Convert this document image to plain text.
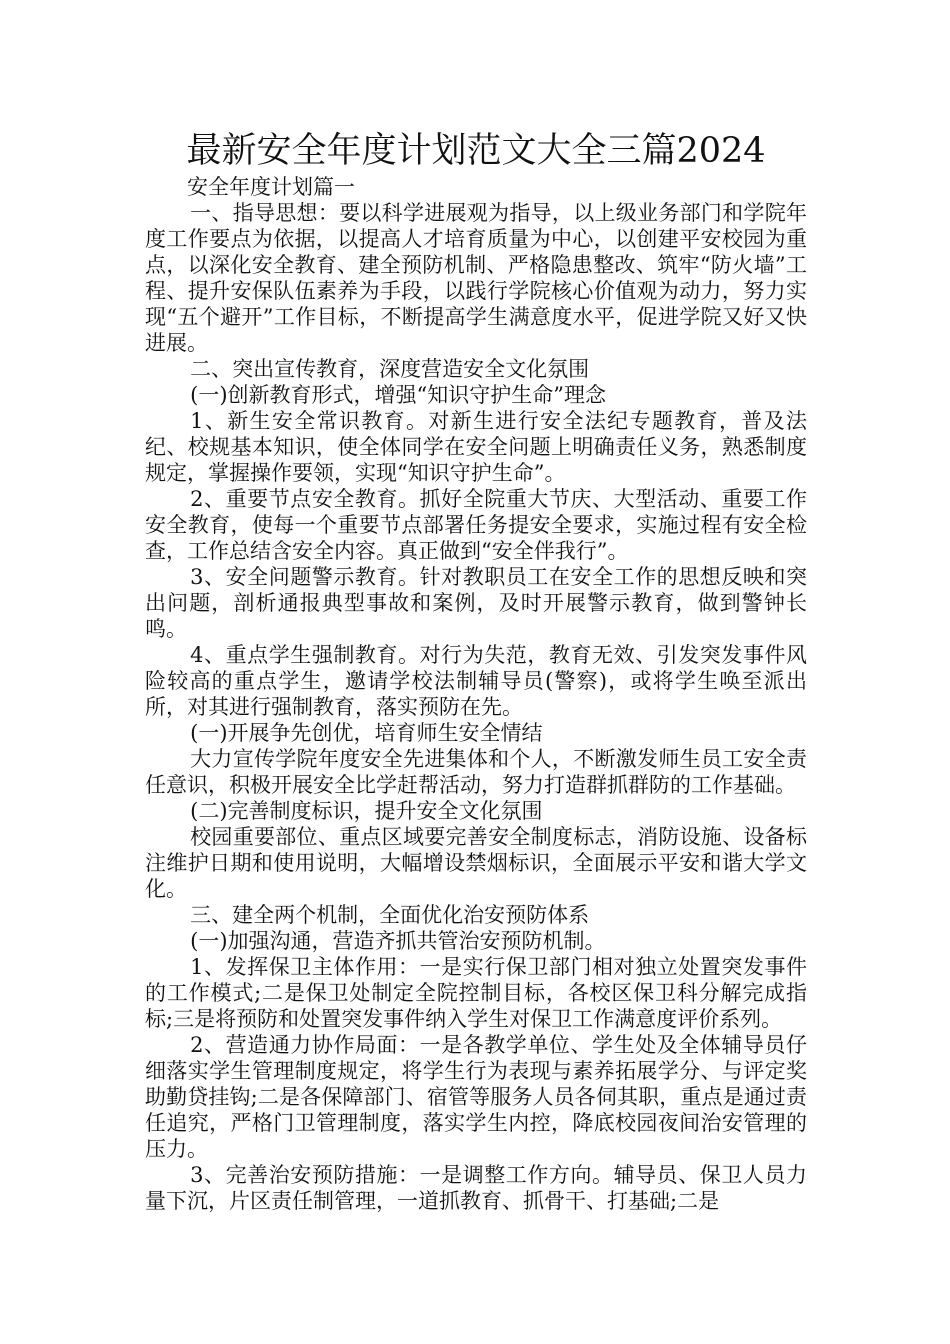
最新安全年度计划范文大全三篇2024

安全年度计划篇一

一、指导思想：要以科学进展观为指导，以上级业务部门和学院年度工作要点为依据，以提高人才培育质量为中心，以创建平安校园为重点，以深化安全教育、建全预防机制、严格隐患整改、筑牢“防火墙”工程、提升安保队伍素养为手段，以践行学院核心价值观为动力，努力实现“五个避开”工作目标，不断提高学生满意度水平，促进学院又好又快进展。

二、突出宣传教育，深度营造安全文化氛围

(一)创新教育形式，增强“知识守护生命”理念

1、新生安全常识教育。对新生进行安全法纪专题教育，普及法纪、校规基本知识，使全体同学在安全问题上明确责任义务，熟悉制度规定，掌握操作要领，实现“知识守护生命”。

2、重要节点安全教育。抓好全院重大节庆、大型活动、重要工作安全教育，使每一个重要节点部署任务提安全要求，实施过程有安全检查，工作总结含安全内容。真正做到“安全伴我行”。

3、安全问题警示教育。针对教职员工在安全工作的思想反映和突出问题，剖析通报典型事故和案例，及时开展警示教育，做到警钟长鸣。

4、重点学生强制教育。对行为失范，教育无效、引发突发事件风险较高的重点学生，邀请学校法制辅导员(警察)，或将学生唤至派出所，对其进行强制教育，落实预防在先。

(一)开展争先创优，培育师生安全情结

大力宣传学院年度安全先进集体和个人，不断激发师生员工安全责任意识，积极开展安全比学赶帮活动，努力打造群抓群防的工作基础。

(二)完善制度标识，提升安全文化氛围

校园重要部位、重点区域要完善安全制度标志，消防设施、设备标注维护日期和使用说明，大幅增设禁烟标识，全面展示平安和谐大学文化。

三、建全两个机制，全面优化治安预防体系

(一)加强沟通，营造齐抓共管治安预防机制。

1、发挥保卫主体作用：一是实行保卫部门相对独立处置突发事件的工作模式;二是保卫处制定全院控制目标，各校区保卫科分解完成指标;三是将预防和处置突发事件纳入学生对保卫工作满意度评价系列。

2、营造通力协作局面：一是各教学单位、学生处及全体辅导员仔细落实学生管理制度规定，将学生行为表现与素养拓展学分、与评定奖助勤贷挂钩;二是各保障部门、宿管等服务人员各伺其职，重点是通过责任追究，严格门卫管理制度，落实学生内控，降底校园夜间治安管理的压力。

3、完善治安预防措施：一是调整工作方向。辅导员、保卫人员力量下沉，片区责任制管理，一道抓教育、抓骨干、打基础;二是
